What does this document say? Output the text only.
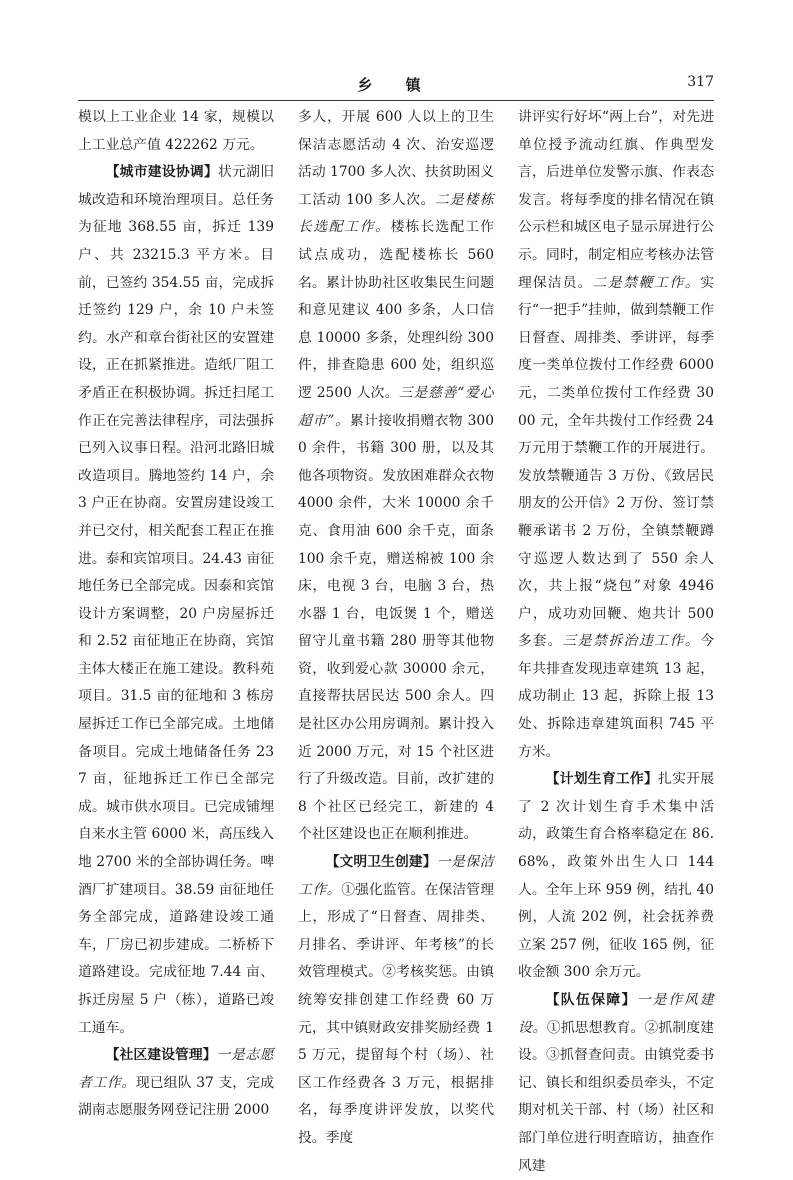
乡 镇	317

模以上工业企业 14 家，规模以上工业总产值 422262 万元。

【城市建设协调】状元湖旧城改造和环境治理项目。总任务为征地 368.55 亩，拆迁 139 户、共 23215.3 平方米。目前，已签约 354.55 亩，完成拆迁签约 129 户，余 10 户未签约。水产和章台街社区的安置建设，正在抓紧推进。造纸厂阻工矛盾正在积极协调。拆迁扫尾工作正在完善法律程序，司法强拆已列入议事日程。沿河北路旧城改造项目。腾地签约 14 户，余 3 户正在协商。安置房建设竣工并已交付，相关配套工程正在推进。泰和宾馆项目。24.43 亩征地任务已全部完成。因泰和宾馆设计方案调整，20 户房屋拆迁和 2.52 亩征地正在协商，宾馆主体大楼正在施工建设。教科苑项目。31.5 亩的征地和 3 栋房屋拆迁工作已全部完成。土地储备项目。完成土地储备任务 237 亩，征地拆迁工作已全部完成。城市供水项目。已完成铺埋自来水主管 6000 米，高压线入地 2700 米的全部协调任务。啤酒厂扩建项目。38.59 亩征地任务全部完成，道路建设竣工通车，厂房已初步建成。二桥桥下道路建设。完成征地 7.44 亩、拆迁房屋 5 户（栋），道路已竣工通车。

【社区建设管理】一是志愿者工作。现已组队 37 支，完成湖南志愿服务网登记注册 2000

多人，开展 600 人以上的卫生保洁志愿活动 4 次、治安巡逻活动 1700 多人次、扶贫助困义工活动 100 多人次。二是楼栋长选配工作。楼栋长选配工作试点成功，选配楼栋长 560 名。累计协助社区收集民生问题和意见建议 400 多条，人口信息 10000 多条，处理纠纷 300 件，排查隐患 600 处，组织巡逻 2500 人次。三是慈善“爱心超市”。累计接收捐赠衣物 3000 余件，书籍 300 册，以及其他各项物资。发放困难群众衣物 4000 余件，大米 10000 余千克、食用油 600 余千克，面条 100 余千克，赠送棉被 100 余床，电视 3 台，电脑 3 台，热水器 1 台，电饭煲 1 个，赠送留守儿童书籍 280 册等其他物资，收到爱心款 30000 余元，直接帮扶居民达 500 余人。四是社区办公用房调剂。累计投入近 2000 万元，对 15 个社区进行了升级改造。目前，改扩建的 8 个社区已经完工，新建的 4 个社区建设也正在顺利推进。

【文明卫生创建】一是保洁工作。①强化监管。在保洁管理上，形成了“日督查、周排类、月排名、季讲评、年考核”的长效管理模式。②考核奖惩。由镇统筹安排创建工作经费 60 万元，其中镇财政安排奖励经费 15 万元，提留每个村（场）、社区工作经费各 3 万元，根据排名，每季度讲评发放，以奖代投。季度

讲评实行好坏“两上台”，对先进单位授予流动红旗、作典型发言，后进单位发警示旗、作表态发言。将每季度的排名情况在镇公示栏和城区电子显示屏进行公示。同时，制定相应考核办法管理保洁员。二是禁鞭工作。实行“一把手”挂帅，做到禁鞭工作日督查、周排类、季讲评，每季度一类单位拨付工作经费 6000 元，二类单位拨付工作经费 3000 元，全年共拨付工作经费 24 万元用于禁鞭工作的开展进行。发放禁鞭通告 3 万份、《致居民朋友的公开信》2 万份、签订禁鞭承诺书 2 万份，全镇禁鞭蹲守巡逻人数达到了 550 余人次，共上报“烧包”对象 4946 户，成功劝回鞭、炮共计 500 多套。三是禁拆治违工作。今年共排查发现违章建筑 13 起，成功制止 13 起，拆除上报 13 处、拆除违章建筑面积 745 平方米。

【计划生育工作】扎实开展了 2 次计划生育手术集中活动，政策生育合格率稳定在 86.68%，政策外出生人口 144 人。全年上环 959 例，结扎 40 例，人流 202 例，社会抚养费立案 257 例，征收 165 例，征收金额 300 余万元。

【队伍保障】一是作风建设。①抓思想教育。②抓制度建设。③抓督查问责。由镇党委书记、镇长和组织委员牵头，不定期对机关干部、村（场）社区和部门单位进行明查暗访，抽查作风建
